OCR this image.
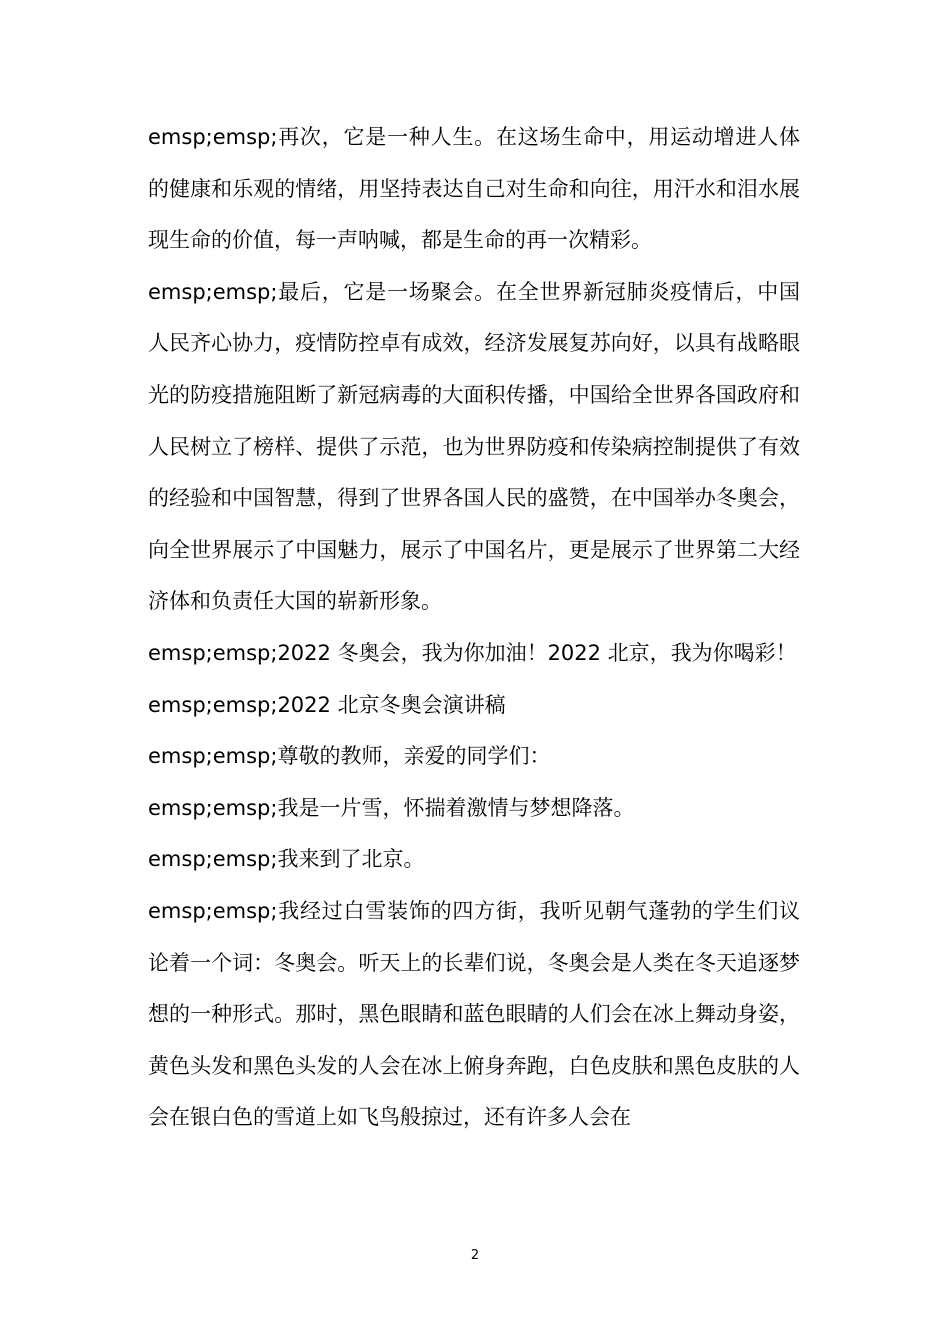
emsp;emsp;再次，它是一种人生。在这场生命中，用运动增进人体的健康和乐观的情绪，用坚持表达自己对生命和向往，用汗水和泪水展现生命的价值，每一声呐喊，都是生命的再一次精彩。

emsp;emsp;最后，它是一场聚会。在全世界新冠肺炎疫情后，中国人民齐心协力，疫情防控卓有成效，经济发展复苏向好，以具有战略眼光的防疫措施阻断了新冠病毒的大面积传播，中国给全世界各国政府和人民树立了榜样、提供了示范，也为世界防疫和传染病控制提供了有效的经验和中国智慧，得到了世界各国人民的盛赞，在中国举办冬奥会，向全世界展示了中国魅力，展示了中国名片，更是展示了世界第二大经济体和负责任大国的崭新形象。

emsp;emsp;2022 冬奥会，我为你加油！2022 北京，我为你喝彩！

emsp;emsp;2022 北京冬奥会演讲稿

emsp;emsp;尊敬的教师，亲爱的同学们：

emsp;emsp;我是一片雪，怀揣着激情与梦想降落。

emsp;emsp;我来到了北京。

emsp;emsp;我经过白雪装饰的四方街，我听见朝气蓬勃的学生们议论着一个词：冬奥会。听天上的长辈们说，冬奥会是人类在冬天追逐梦想的一种形式。那时，黑色眼睛和蓝色眼睛的人们会在冰上舞动身姿，黄色头发和黑色头发的人会在冰上俯身奔跑，白色皮肤和黑色皮肤的人会在银白色的雪道上如飞鸟般掠过，还有许多人会在

2
